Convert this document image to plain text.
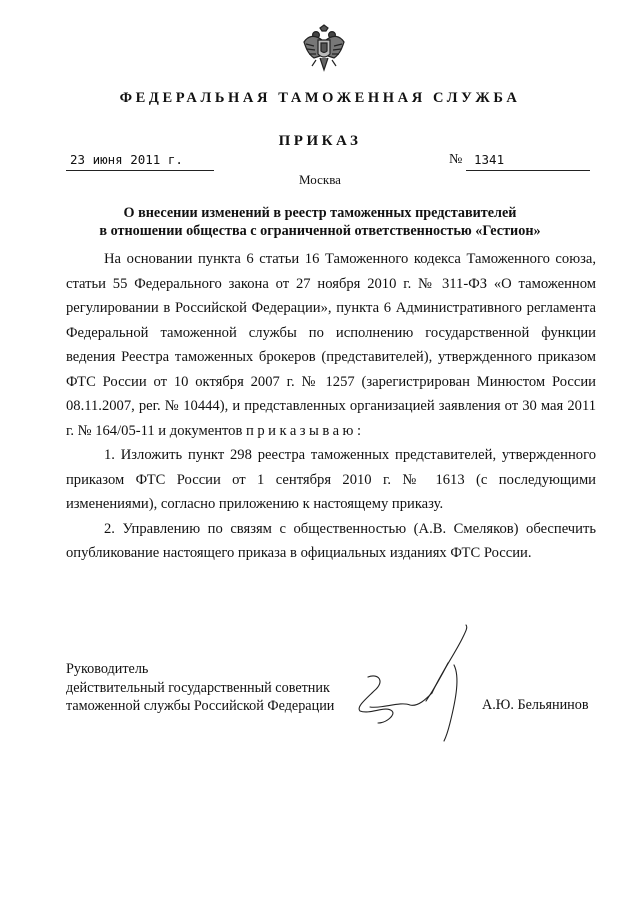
ФЕДЕРАЛЬНАЯ ТАМОЖЕННАЯ СЛУЖБА
ПРИКАЗ
23 июня 2011 г.	№ 1341
Москва
О внесении изменений в реестр таможенных представителей
в отношении общества с ограниченной ответственностью «Гестион»

На основании пункта 6 статьи 16 Таможенного кодекса Таможенного союза, статьи 55 Федерального закона от 27 ноября 2010 г. № 311-ФЗ «О таможенном регулировании в Российской Федерации», пункта 6 Административного регламента Федеральной таможенной службы по исполнению государственной функции ведения Реестра таможенных брокеров (представителей), утвержденного приказом ФТС России от 10 октября 2007 г. № 1257 (зарегистрирован Минюстом России 08.11.2007, рег. № 10444), и представленных организацией заявления от 30 мая 2011 г. № 164/05-11 и документов приказываю:

1. Изложить пункт 298 реестра таможенных представителей, утвержденного приказом ФТС России от 1 сентября 2010 г. № 1613 (с последующими изменениями), согласно приложению к настоящему приказу.

2. Управлению по связям с общественностью (А.В. Смеляков) обеспечить опубликование настоящего приказа в официальных изданиях ФТС России.

Руководитель
действительный государственный советник
таможенной службы Российской Федерации	А.Ю. Бельянинов
